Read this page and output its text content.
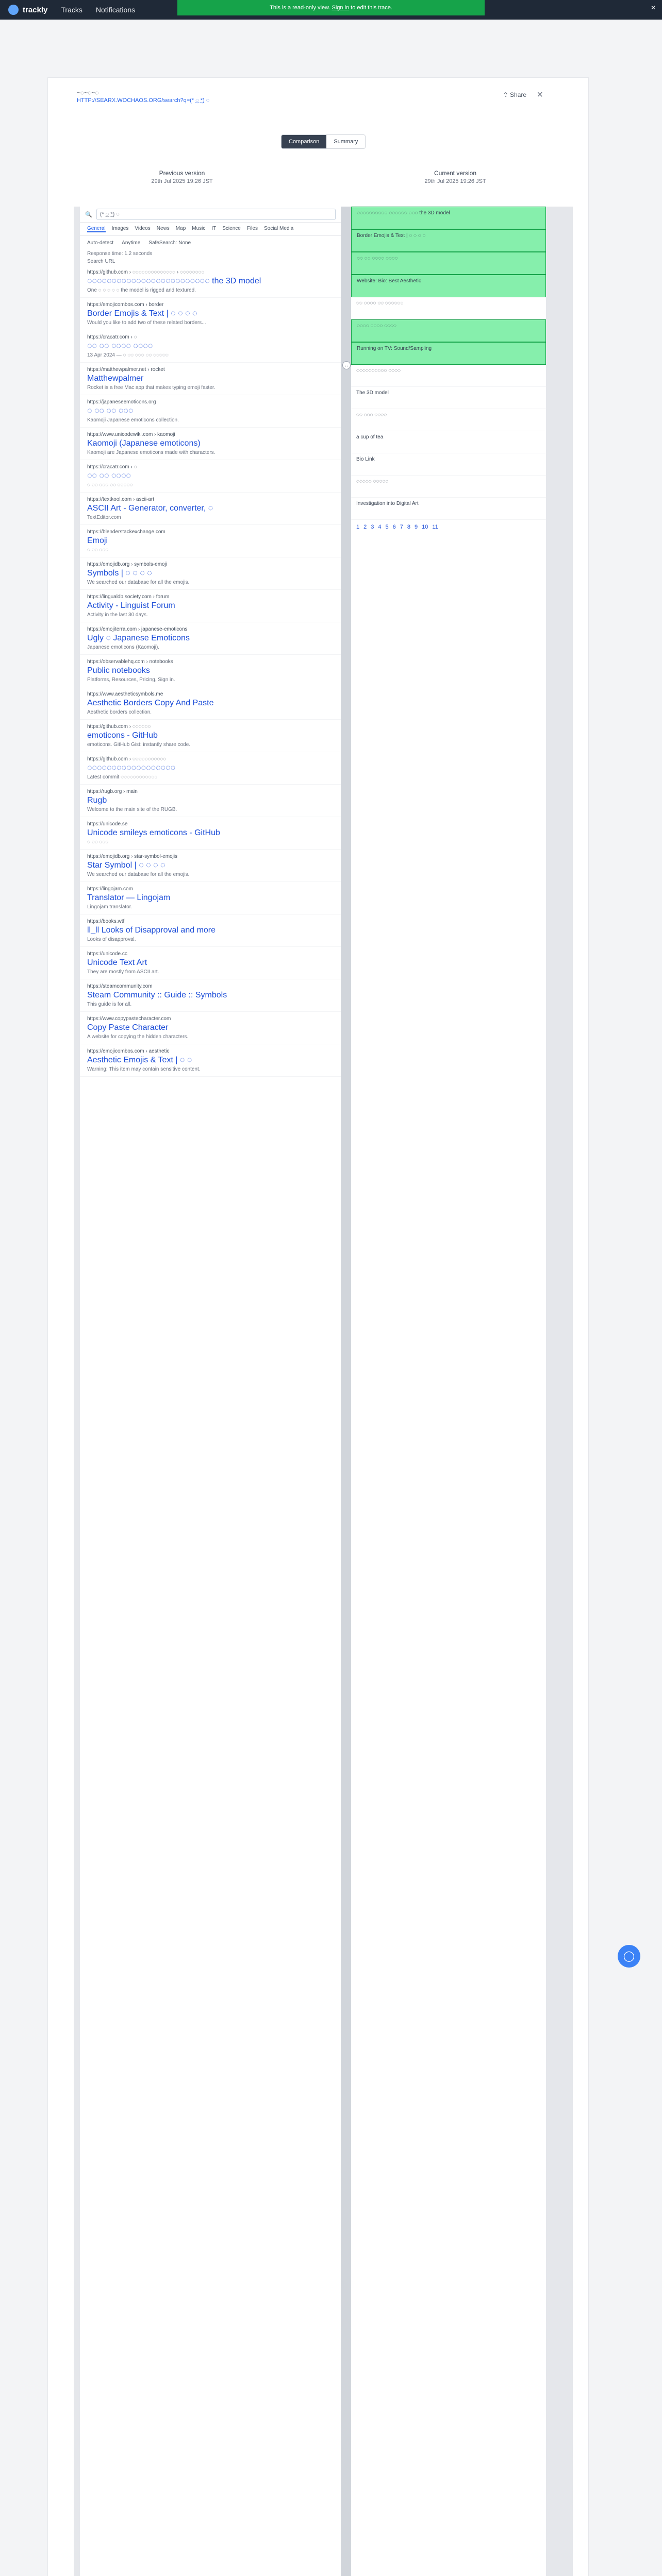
trackly Tracks Notifications	This is a read-only view. Sign in to edit this trace.	✕
~◌~◌~◌
HTTP://SEARX.WOCHAOS.ORG/search?q=(* ͜◌ ͜*) ◌
⇪ Share ×
Comparison	Summary
Previous version
29th Jul 2025 19:26 JST
Current version
29th Jul 2025 19:26 JST
🔍	(* ͜◌ ͜*) ◌
General Images Videos News Map Music IT Science Files Social Media
Auto-detect Anytime SafeSearch: None
Response time: 1.2 seconds
Search URL
https://github.com › ◌◌◌◌◌◌◌◌◌◌◌◌◌◌ › ◌◌◌◌◌◌◌◌
◌◌◌◌◌◌◌◌◌◌◌◌◌◌◌◌◌◌◌◌◌◌◌◌◌ the 3D model
One ◌ ◌ ◌ ◌ ◌ the model is rigged and textured.
https://emojicombos.com › border
Border Emojis & Text | ◌ ◌ ◌ ◌
Would you like to add two of these related borders...
https://cracatr.com › ◌
◌◌ ◌◌ ◌◌◌◌ ◌◌◌◌
13 Apr 2024 — ◌ ◌◌ ◌◌◌ ◌◌ ◌◌◌◌◌
https://matthewpalmer.net › rocket
Matthewpalmer
Rocket is a free Mac app that makes typing emoji faster.
https://japaneseemoticons.org
◌ ◌◌ ◌◌ ◌◌◌
Kaomoji Japanese emoticons collection.
https://www.unicodewiki.com › kaomoji
Kaomoji (Japanese emoticons)
Kaomoji are Japanese emoticons made with characters.
https://cracatr.com › ◌
◌◌ ◌◌ ◌◌◌◌
◌ ◌◌ ◌◌◌ ◌◌ ◌◌◌◌◌
https://textkool.com › ascii-art
ASCII Art - Generator, converter, ◌
TextEditor.com
https://blenderstackexchange.com
Emoji
◌ ◌◌ ◌◌◌
https://emojidb.org › symbols-emoji
Symbols | ◌ ◌ ◌ ◌
We searched our database for all the emojis.
https://lingualdb.society.com › forum
Activity - Linguist Forum
Activity in the last 30 days.
https://emojiterra.com › japanese-emoticons
Ugly ◌ Japanese Emoticons
Japanese emoticons (Kaomoji).
https://observablehq.com › notebooks
Public notebooks
Platforms, Resources, Pricing, Sign in.
https://www.aestheticsymbols.me
Aesthetic Borders Copy And Paste
Aesthetic borders collection.
https://github.com › ◌◌◌◌◌◌
emoticons - GitHub
emoticons. GitHub Gist: instantly share code.
https://github.com › ◌◌◌◌◌◌◌◌◌◌◌
◌◌◌◌◌◌◌◌◌◌◌◌◌◌◌◌◌◌
Latest commit ◌◌◌◌◌◌◌◌◌◌◌◌
https://rugb.org › main
Rugb
Welcome to the main site of the RUGB.
https://unicode.se
Unicode smileys emoticons - GitHub
◌ ◌◌ ◌◌◌
https://emojidb.org › star-symbol-emojis
Star Symbol | ◌ ◌ ◌ ◌
We searched our database for all the emojis.
https://lingojam.com
Translator — Lingojam
Lingojam translator.
https://books.wtf
ll_ll Looks of Disapproval and more
Looks of disapproval.
https://unicode.cc
Unicode Text Art
They are mostly from ASCII art.
https://steamcommunity.com
Steam Community :: Guide :: Symbols
This guide is for all.
https://www.copypastecharacter.com
Copy Paste Character
A website for copying the hidden characters.
https://emojicombos.com › aesthetic
Aesthetic Emojis & Text | ◌ ◌
Warning: This item may contain sensitive content.
↔
◌◌◌◌◌◌◌◌◌◌ ◌◌◌◌◌◌ ◌◌◌ the 3D model
Border Emojis & Text | ◌ ◌ ◌ ◌
◌◌ ◌◌ ◌◌◌◌ ◌◌◌◌
Website: Bio: Best Aesthetic
◌◌ ◌◌◌◌ ◌◌ ◌◌◌◌◌◌
◌◌◌◌ ◌◌◌◌ ◌◌◌◌
Running on TV: Sound/Sampling
◌◌◌◌◌◌◌◌◌◌ ◌◌◌◌
The 3D model
◌◌ ◌◌◌ ◌◌◌◌
a cup of tea
Bio Link
◌◌◌◌◌ ◌◌◌◌◌
Investigation into Digital Art
1 2 3 4 5 6 7 8 9 10 11
◯
